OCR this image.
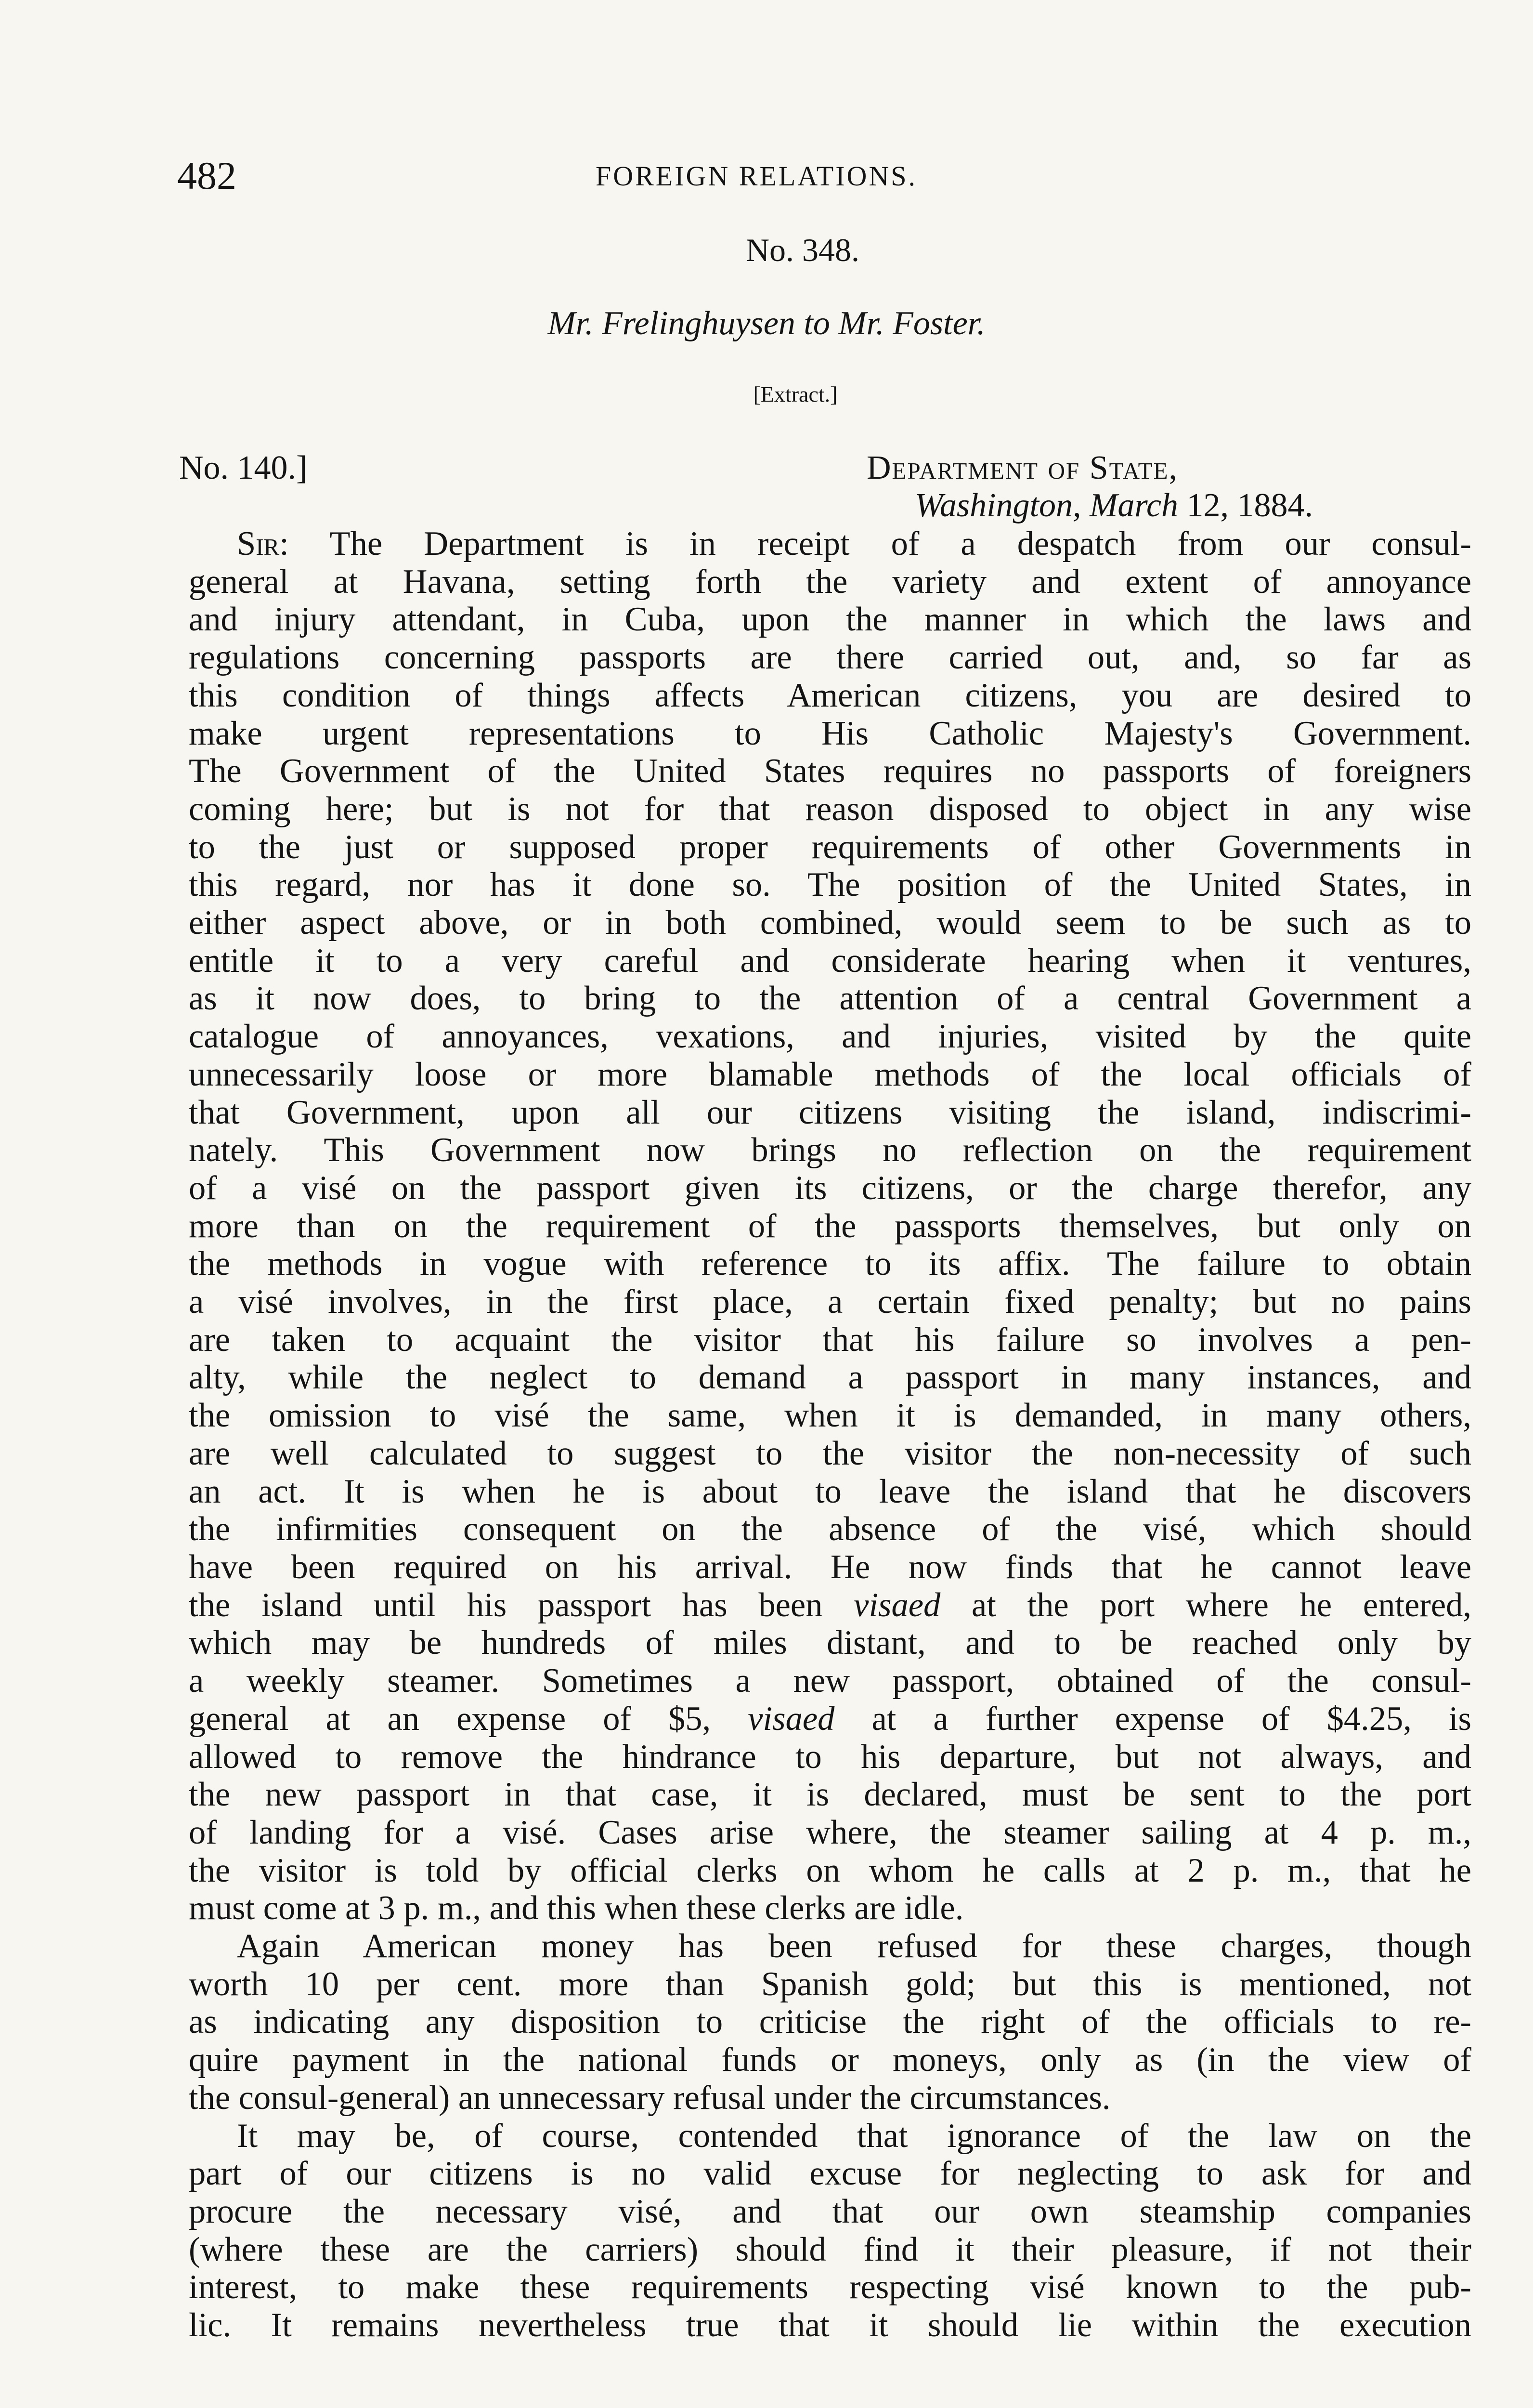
482	FOREIGN RELATIONS.
No. 348.
Mr. Frelinghuysen to Mr. Foster.
[Extract.]
No. 140.]	Department of State,
Washington, March 12, 1884.
Sir: The Department is in receipt of a despatch from our consul-
general at Havana, setting forth the variety and extent of annoyance
and injury attendant, in Cuba, upon the manner in which the laws and
regulations concerning passports are there carried out, and, so far as
this condition of things affects American citizens, you are desired to
make urgent representations to His Catholic Majesty's Government.
The Government of the United States requires no passports of foreigners
coming here; but is not for that reason disposed to object in any wise
to the just or supposed proper requirements of other Governments in
this regard, nor has it done so. The position of the United States, in
either aspect above, or in both combined, would seem to be such as to
entitle it to a very careful and considerate hearing when it ventures,
as it now does, to bring to the attention of a central Government a
catalogue of annoyances, vexations, and injuries, visited by the quite
unnecessarily loose or more blamable methods of the local officials of
that Government, upon all our citizens visiting the island, indiscrimi-
nately. This Government now brings no reflection on the requirement
of a visé on the passport given its citizens, or the charge therefor, any
more than on the requirement of the passports themselves, but only on
the methods in vogue with reference to its affix. The failure to obtain
a visé involves, in the first place, a certain fixed penalty; but no pains
are taken to acquaint the visitor that his failure so involves a pen-
alty, while the neglect to demand a passport in many instances, and
the omission to visé the same, when it is demanded, in many others,
are well calculated to suggest to the visitor the non-necessity of such
an act. It is when he is about to leave the island that he discovers
the infirmities consequent on the absence of the visé, which should
have been required on his arrival. He now finds that he cannot leave
the island until his passport has been visaed at the port where he entered,
which may be hundreds of miles distant, and to be reached only by
a weekly steamer. Sometimes a new passport, obtained of the consul-
general at an expense of $5, visaed at a further expense of $4.25, is
allowed to remove the hindrance to his departure, but not always, and
the new passport in that case, it is declared, must be sent to the port
of landing for a visé. Cases arise where, the steamer sailing at 4 p. m.,
the visitor is told by official clerks on whom he calls at 2 p. m., that he
must come at 3 p. m., and this when these clerks are idle.
Again American money has been refused for these charges, though
worth 10 per cent. more than Spanish gold; but this is mentioned, not
as indicating any disposition to criticise the right of the officials to re-
quire payment in the national funds or moneys, only as (in the view of
the consul-general) an unnecessary refusal under the circumstances.
It may be, of course, contended that ignorance of the law on the
part of our citizens is no valid excuse for neglecting to ask for and
procure the necessary visé, and that our own steamship companies
(where these are the carriers) should find it their pleasure, if not their
interest, to make these requirements respecting visé known to the pub-
lic. It remains nevertheless true that it should lie within the execution
